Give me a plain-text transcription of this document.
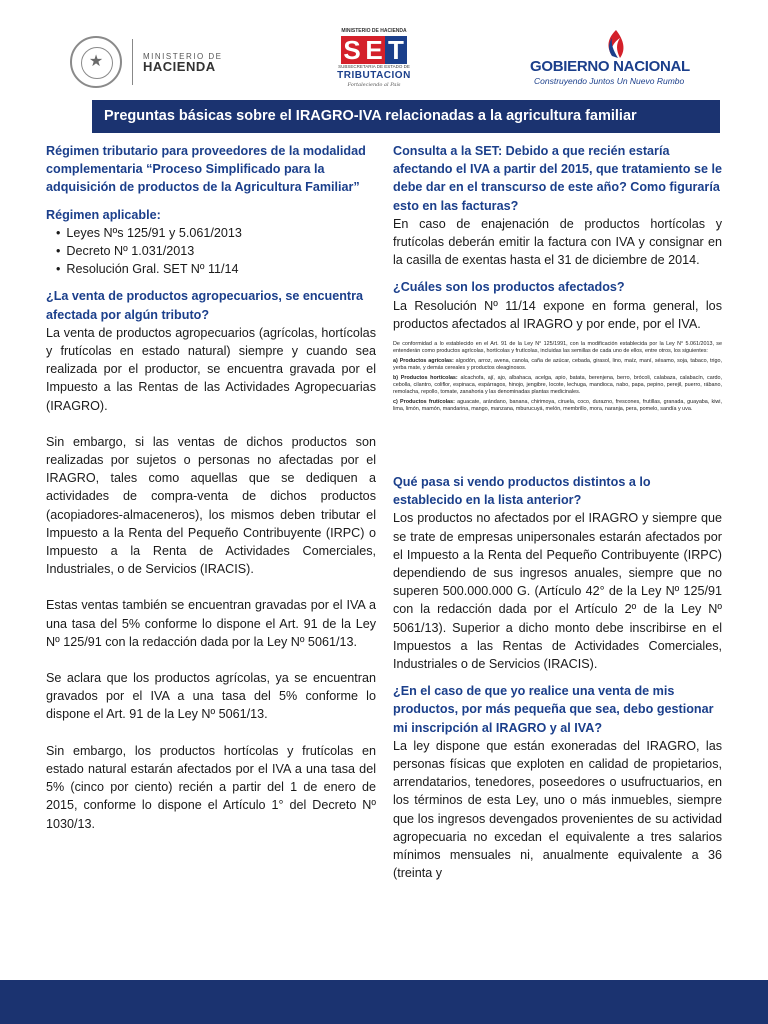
★
MINISTERIO DE
HACIENDA
MINISTERIO DE HACIENDA
S E T
SUBSECRETARIA DE ESTADO DE
TRIBUTACION
Fortaleciendo al País
GOBIERNO NACIONAL
Construyendo Juntos Un Nuevo Rumbo
Preguntas básicas sobre el IRAGRO-IVA relacionadas a la agricultura familiar

Régimen tributario para proveedores de la modalidad complementaria “Proceso Simplificado para la adquisición de productos de la Agricultura Familiar”

Régimen aplicable:

• Leyes Nºs 125/91 y 5.061/2013
• Decreto Nº 1.031/2013
• Resolución Gral. SET Nº 11/14

¿La venta de productos agropecuarios, se encuentra afectada por algún tributo?

La venta de productos agropecuarios (agrícolas, hortícolas y frutícolas en estado natural) siempre y cuando sea realizada por el productor, se encuentra gravada por el Impuesto a las Rentas de las Actividades Agropecuarias (IRAGRO).

Sin embargo, si las ventas de dichos productos son realizadas por sujetos o personas no afectadas por el IRAGRO, tales como aquellas que se dediquen a actividades de compra-venta de dichos productos (acopiadores-almaceneros), los mismos deben tributar el Impuesto a la Renta del Pequeño Contribuyente (IRPC) o Impuesto a la Renta de Actividades Comerciales, Industriales, o de Servicios (IRACIS).

Estas ventas también se encuentran gravadas por el IVA a una tasa del 5% conforme lo dispone el Art. 91 de la Ley Nº 125/91 con la redacción dada por la Ley Nº 5061/13.

Se aclara que los productos agrícolas, ya se encuentran gravados por el IVA a una tasa del 5% conforme lo dispone el Art. 91 de la Ley Nº 5061/13.

Sin embargo, los productos hortícolas y frutícolas en estado natural estarán afectados por el IVA a una tasa del 5% (cinco por ciento) recién a partir del 1 de enero de 2015, conforme lo dispone el Artículo 1° del Decreto Nº 1030/13.

Consulta a la SET: Debido a que recién estaría afectando el IVA a partir del 2015, que tratamiento se le debe dar en el transcurso de este año? Como figuraría esto en las facturas?

En caso de enajenación de productos hortícolas y frutícolas deberán emitir la factura con IVA y consignar en la casilla de exentas hasta el 31 de diciembre de 2014.

¿Cuáles son los productos afectados?

La Resolución Nº 11/14 expone en forma general, los productos afectados al IRAGRO y por ende, por el IVA.

De conformidad a lo establecido en el Art. 91 de la Ley N° 125/1991, con la modificación establecida por la Ley N° 5.061/2013, se entenderán como productos agrícolas, hortícolas y frutícolas, incluidas las semillas de cada uno de ellos, entre otros, los siguientes:

a) Productos agrícolas: algodón, arroz, avena, canola, caña de azúcar, cebada, girasol, lino, maíz, maní, sésamo, soja, tabaco, trigo, yerba mate, y demás cereales y productos oleaginosos.

b) Productos hortícolas: alcachofa, ají, ajo, albahaca, acelga, apio, batata, berenjena, berro, brócoli, calabaza, calabacín, cardo, cebolla, cilantro, coliflor, espinaca, espárragos, hinojo, jengibre, locote, lechuga, mandioca, nabo, papa, pepino, perejil, puerro, rábano, remolacha, repollo, tomate, zanahoria y las denominadas plantas medicinales.

c) Productos frutícolas: aguacate, arándano, banana, chirimoya, ciruela, coco, durazno, frescones, frutillas, granada, guayaba, kiwi, lima, limón, mamón, mandarina, mango, manzana, mburucuyá, melón, membrillo, mora, naranja, pera, pomelo, sandía y uva.

Qué pasa si vendo productos distintos a lo establecido en la lista anterior?

Los productos no afectados por el IRAGRO y siempre que se trate de empresas unipersonales estarán afectados por el Impuesto a la Renta del Pequeño Contribuyente (IRPC) dependiendo de sus ingresos anuales, siempre que no superen 500.000.000 G. (Artículo 42° de la Ley Nº 125/91 con la redacción dada por el Artículo 2º de la Ley Nº 5061/13). Superior a dicho monto debe inscribirse en el Impuestos a las Rentas de Actividades Comerciales, Industriales o de Servicios (IRACIS).

¿En el caso de que yo realice una venta de mis productos, por más pequeña que sea, debo gestionar mi inscripción al IRAGRO y al IVA?

La ley dispone que están exoneradas del IRAGRO, las personas físicas que exploten en calidad de propietarios, arrendatarios, tenedores, poseedores o usufructuarios, en los términos de esta Ley, uno o más inmuebles, siempre que los ingresos devengados provenientes de su actividad agropecuaria no excedan el equivalente a tres salarios mínimos mensuales ni, anualmente equivalente a 36 (treinta y
